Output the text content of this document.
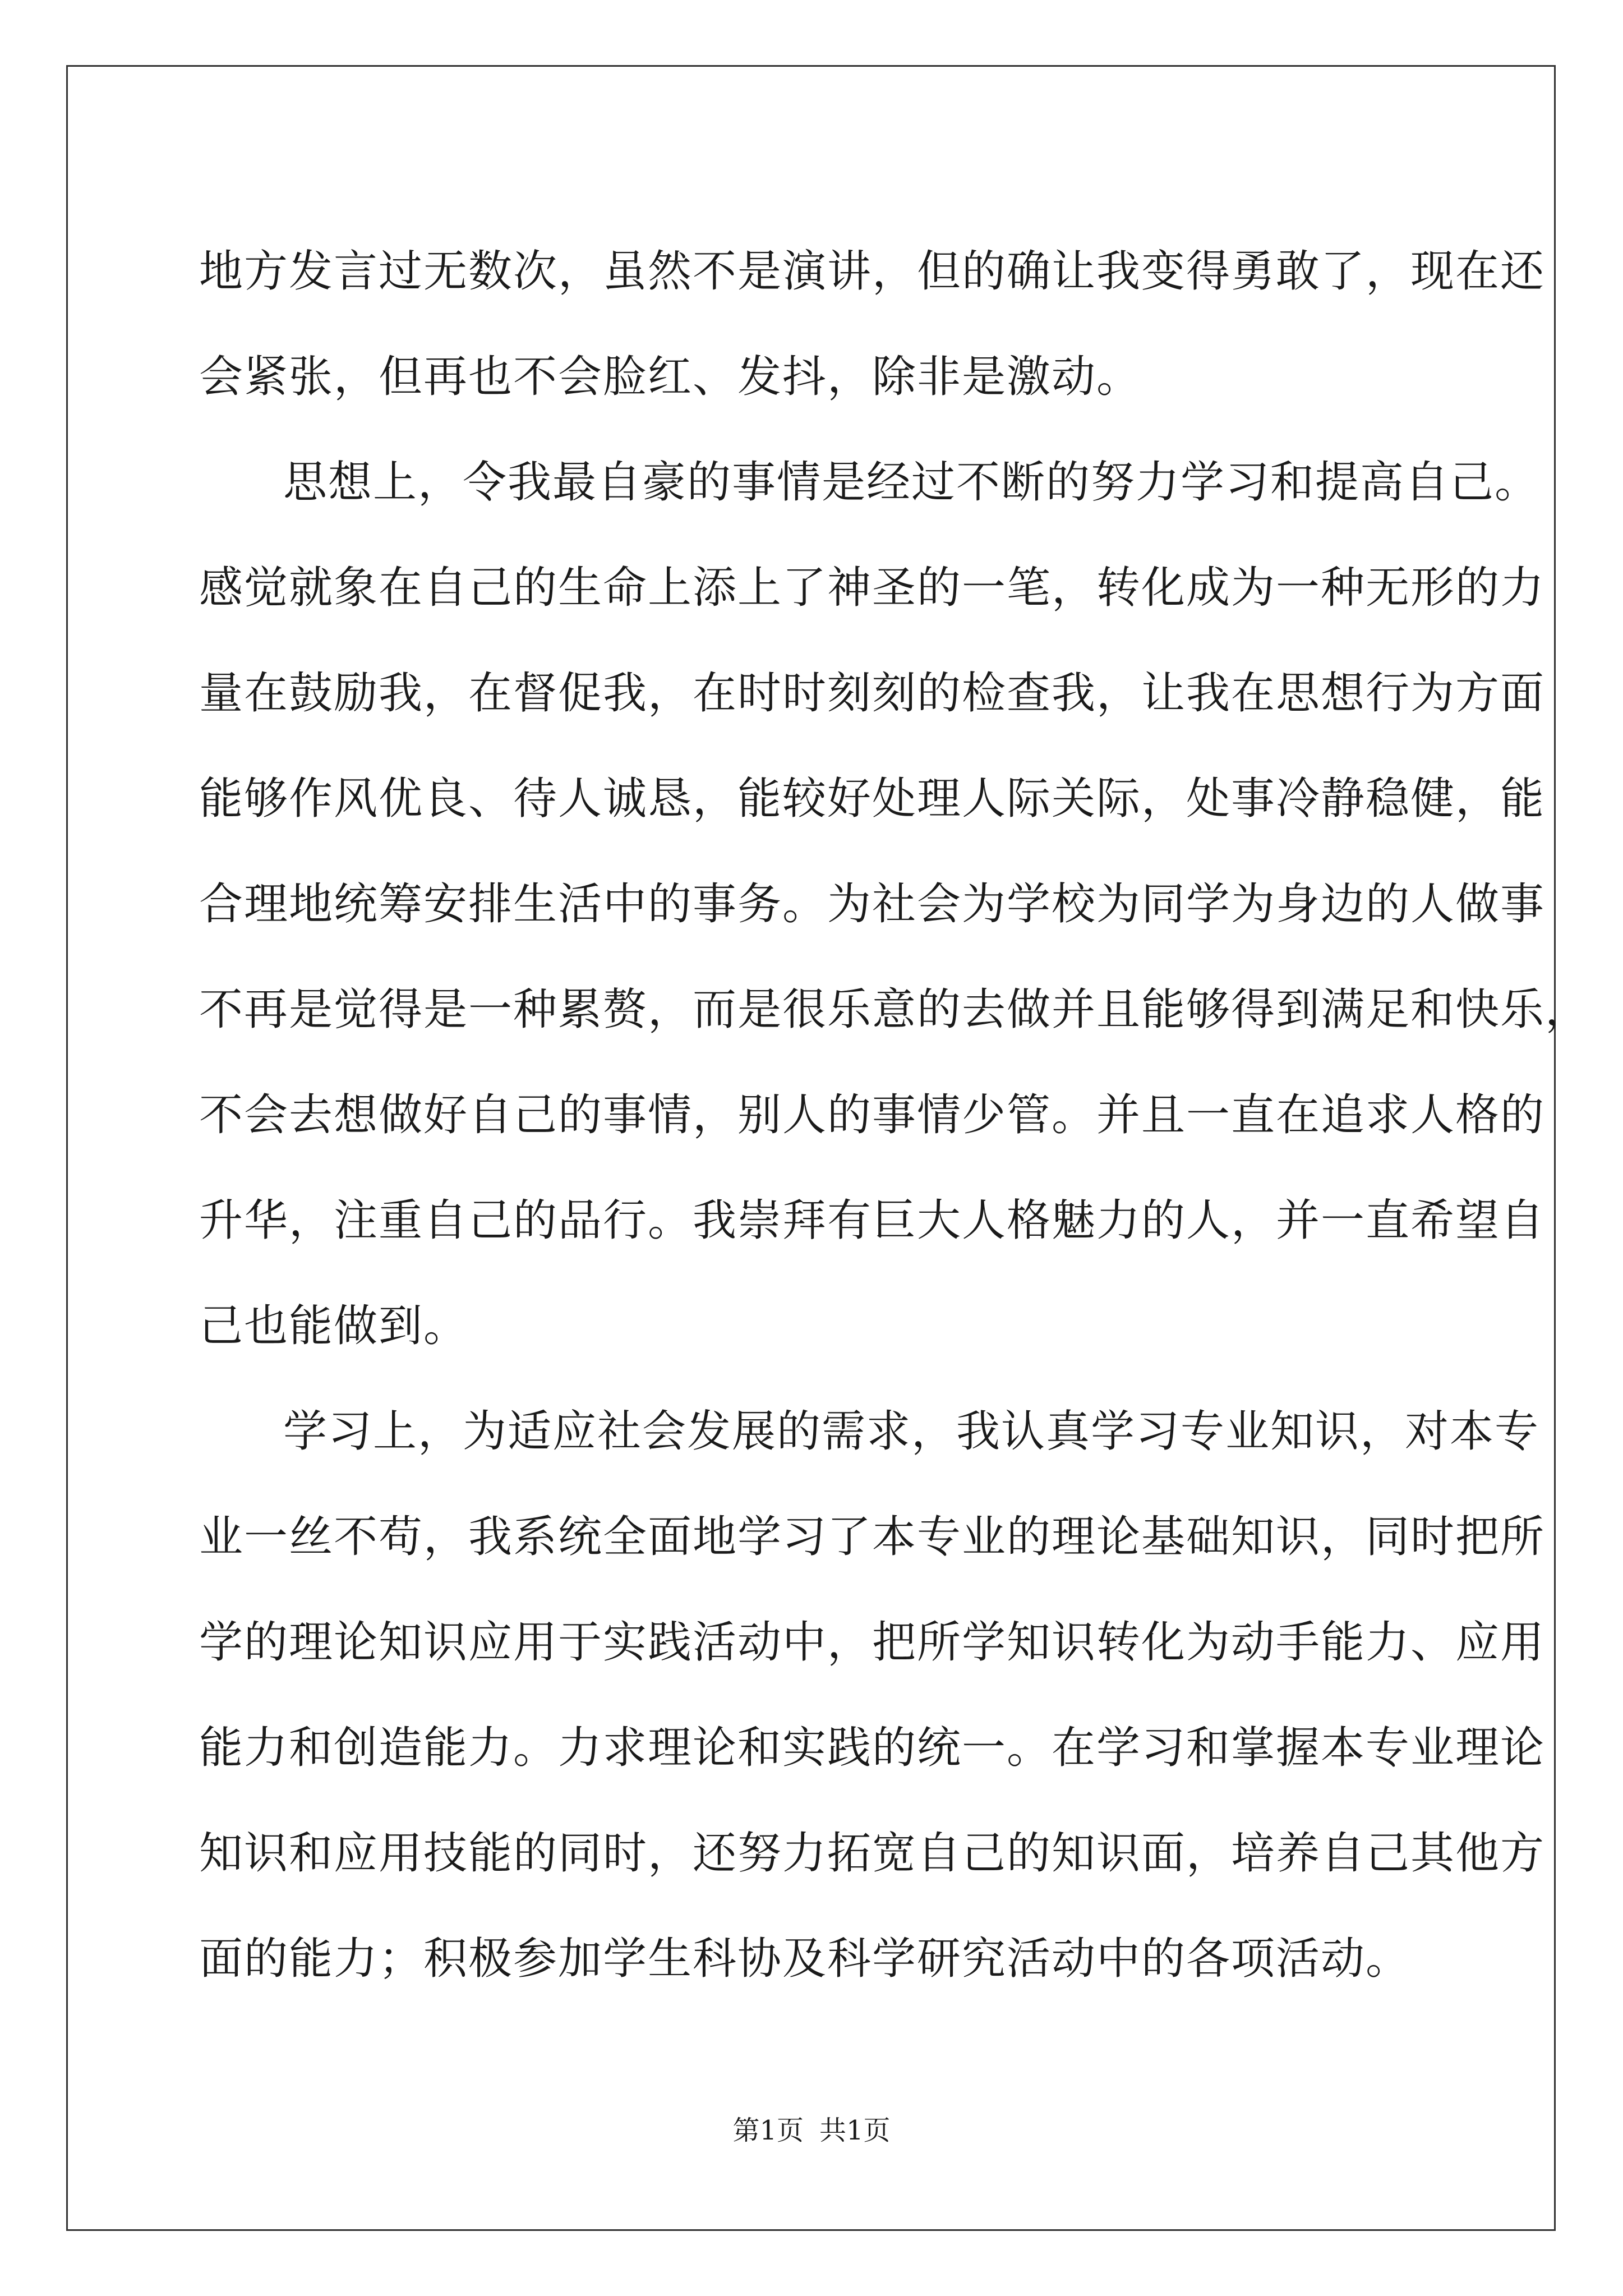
地方发言过无数次，虽然不是演讲，但的确让我变得勇敢了，现在还
会紧张，但再也不会脸红、发抖，除非是激动。
思想上，令我最自豪的事情是经过不断的努力学习和提高自己。
感觉就象在自己的生命上添上了神圣的一笔，转化成为一种无形的力
量在鼓励我，在督促我，在时时刻刻的检查我，让我在思想行为方面
能够作风优良、待人诚恳，能较好处理人际关际，处事冷静稳健，能
合理地统筹安排生活中的事务。为社会为学校为同学为身边的人做事
不再是觉得是一种累赘，而是很乐意的去做并且能够得到满足和快乐，
不会去想做好自己的事情，别人的事情少管。并且一直在追求人格的
升华，注重自己的品行。我崇拜有巨大人格魅力的人，并一直希望自
己也能做到。
学习上，为适应社会发展的需求，我认真学习专业知识，对本专
业一丝不苟，我系统全面地学习了本专业的理论基础知识，同时把所
学的理论知识应用于实践活动中，把所学知识转化为动手能力、应用
能力和创造能力。力求理论和实践的统一。在学习和掌握本专业理论
知识和应用技能的同时，还努力拓宽自己的知识面，培养自己其他方
面的能力；积极参加学生科协及科学研究活动中的各项活动。
第1页 共1页
